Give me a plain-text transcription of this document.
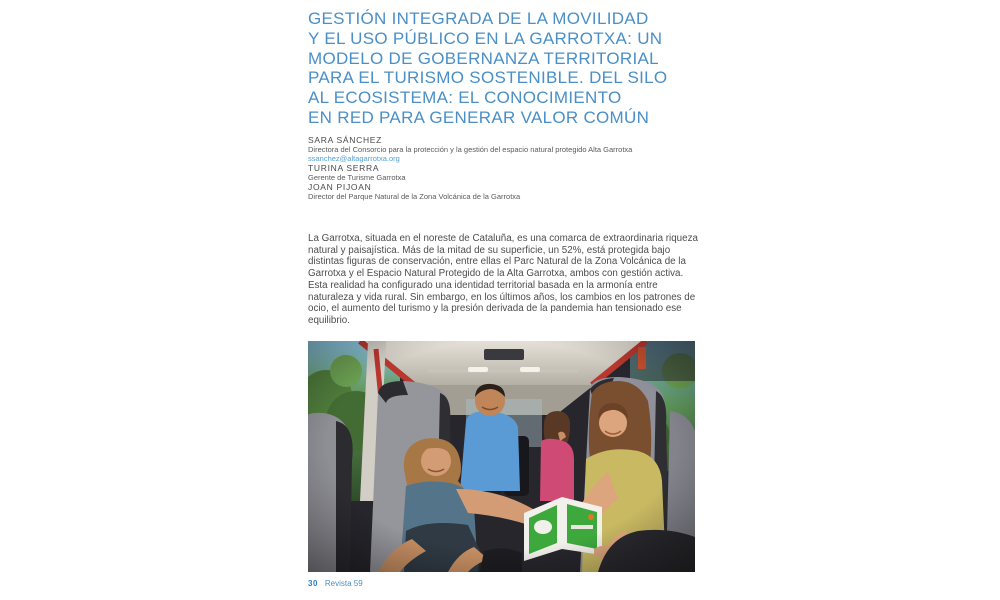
GESTIÓN INTEGRADA DE LA MOVILIDAD
Y EL USO PÚBLICO EN LA GARROTXA: UN
MODELO DE GOBERNANZA TERRITORIAL
PARA EL TURISMO SOSTENIBLE. DEL SILO
AL ECOSISTEMA: EL CONOCIMIENTO
EN RED PARA GENERAR VALOR COMÚN
SARA SÁNCHEZ
Directora del Consorcio para la protección y la gestión del espacio natural protegido Alta Garrotxa
ssanchez@altagarrotxa.org
TURINA SERRA
Gerente de Turisme Garrotxa
JOAN PIJOAN
Director del Parque Natural de la Zona Volcánica de la Garrotxa

La Garrotxa, situada en el noreste de Cataluña, es una comarca de extraordinaria riqueza natural y paisajística. Más de la mitad de su superficie, un 52%, está protegida bajo distintas figuras de conservación, entre ellas el Parc Natural de la Zona Volcánica de la Garrotxa y el Espacio Natural Protegido de la Alta Garrotxa, ambos con gestión activa. Esta realidad ha configurado una identidad territorial basada en la armonía entre naturaleza y vida rural. Sin embargo, en los últimos años, los cambios en los patrones de ocio, el aumento del turismo y la presión derivada de la pandemia han tensionado ese equilibrio.

30 Revista 59
